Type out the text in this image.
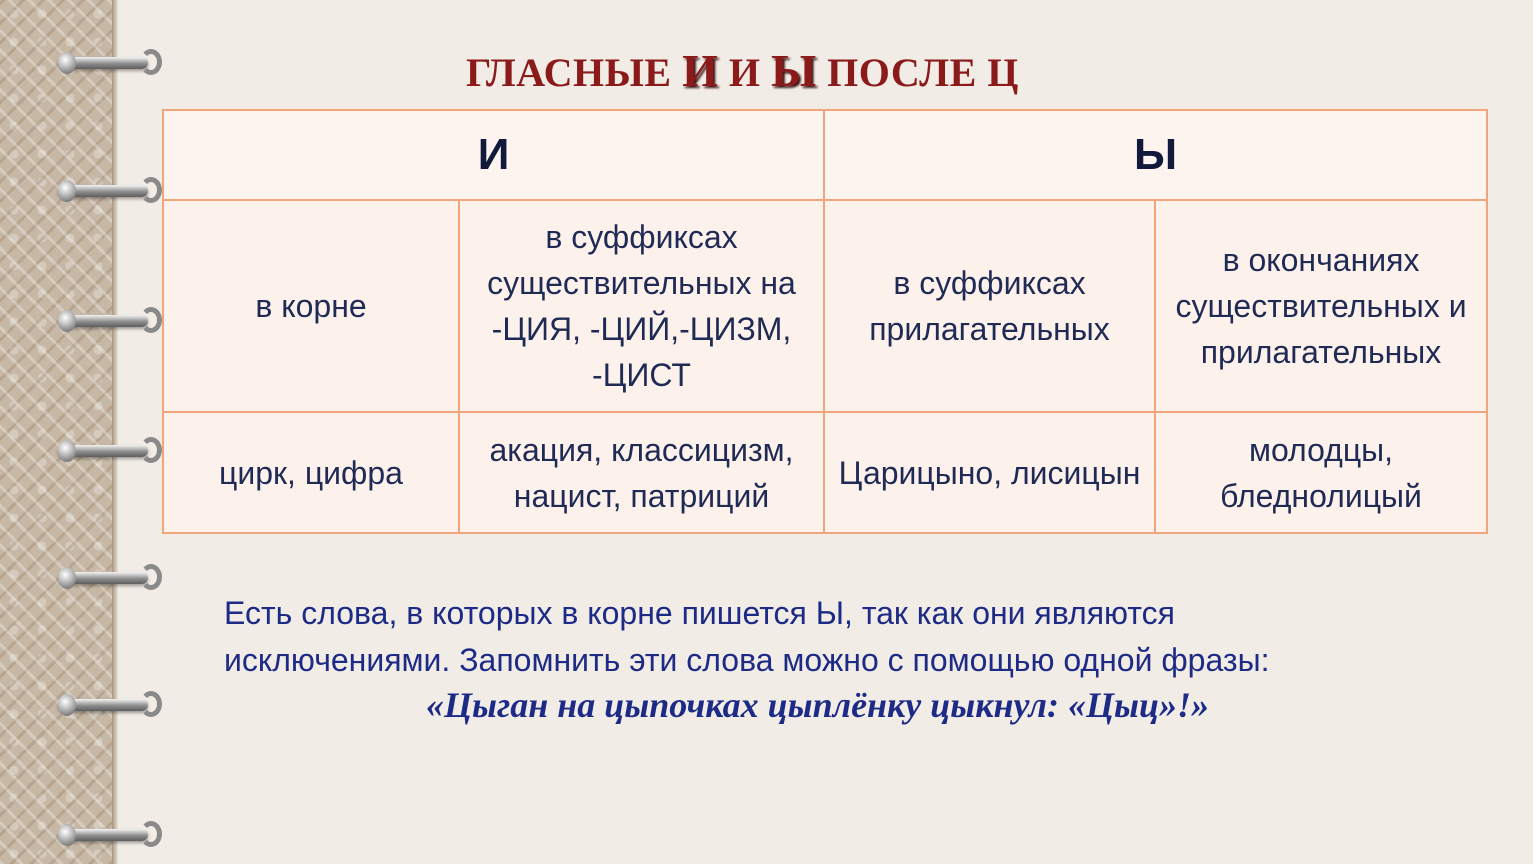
ГЛАСНЫЕ И И Ы ПОСЛЕ Ц
И		Ы	
в корне	в суффиксах существительных на -ЦИЯ, -ЦИЙ,-ЦИЗМ, -ЦИСТ	в суффиксах прилагательных	в окончаниях существительных и прилагательных
цирк, цифра	акация, классицизм, нацист, патриций	Царицыно, лисицын	молодцы, бледнолицый
Есть слова, в которых в корне пишется Ы, так как они являются исключениями. Запомнить эти слова можно с помощью одной фразы:
«Цыган на цыпочках цыплёнку цыкнул: «Цыц»!»
